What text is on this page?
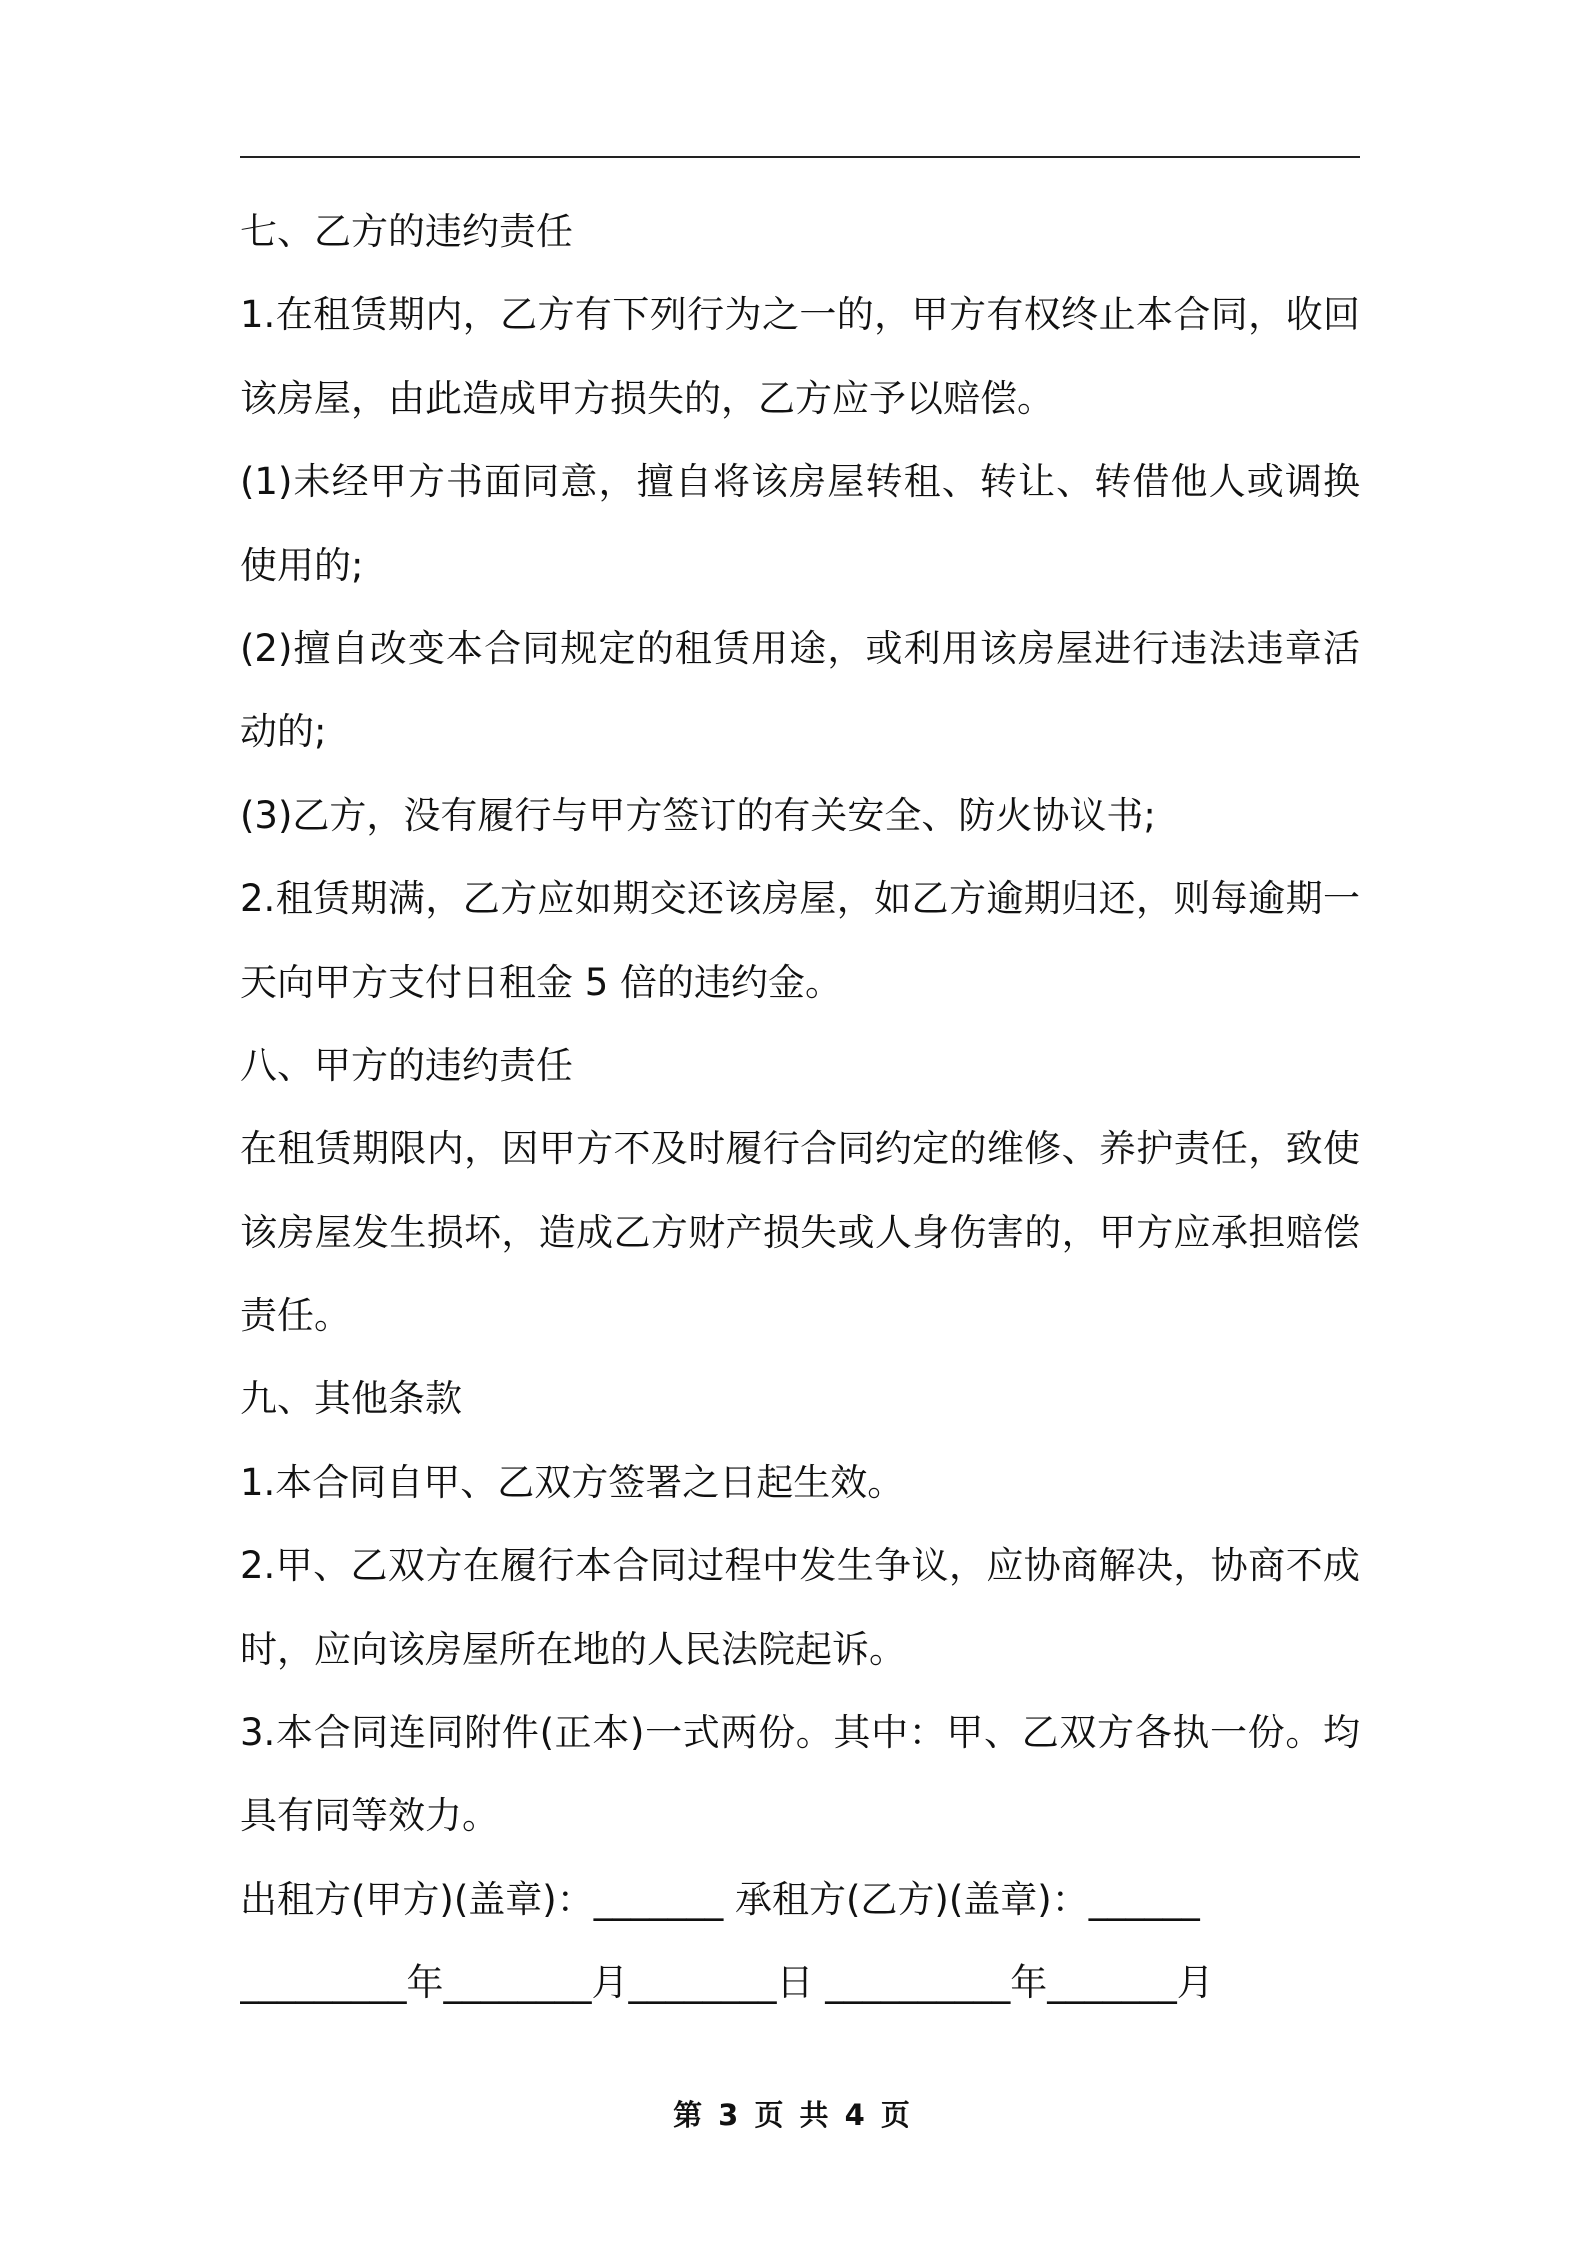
七、乙方的违约责任
1.在租赁期内，乙方有下列行为之一的，甲方有权终止本合同，收回
该房屋，由此造成甲方损失的，乙方应予以赔偿。
(1)未经甲方书面同意，擅自将该房屋转租、转让、转借他人或调换
使用的;
(2)擅自改变本合同规定的租赁用途，或利用该房屋进行违法违章活
动的;
(3)乙方，没有履行与甲方签订的有关安全、防火协议书;
2.租赁期满，乙方应如期交还该房屋，如乙方逾期归还，则每逾期一
天向甲方支付日租金 5 倍的违约金。
八、甲方的违约责任
在租赁期限内，因甲方不及时履行合同约定的维修、养护责任，致使
该房屋发生损坏，造成乙方财产损失或人身伤害的，甲方应承担赔偿
责任。
九、其他条款
1.本合同自甲、乙双方签署之日起生效。
2.甲、乙双方在履行本合同过程中发生争议，应协商解决，协商不成
时，应向该房屋所在地的人民法院起诉。
3.本合同连同附件(正本)一式两份。其中：甲、乙双方各执一份。均
具有同等效力。
出租方(甲方)(盖章)：_______ 承租方(乙方)(盖章)：______
_________年________月________日 __________年_______月
第 3 页 共 4 页
